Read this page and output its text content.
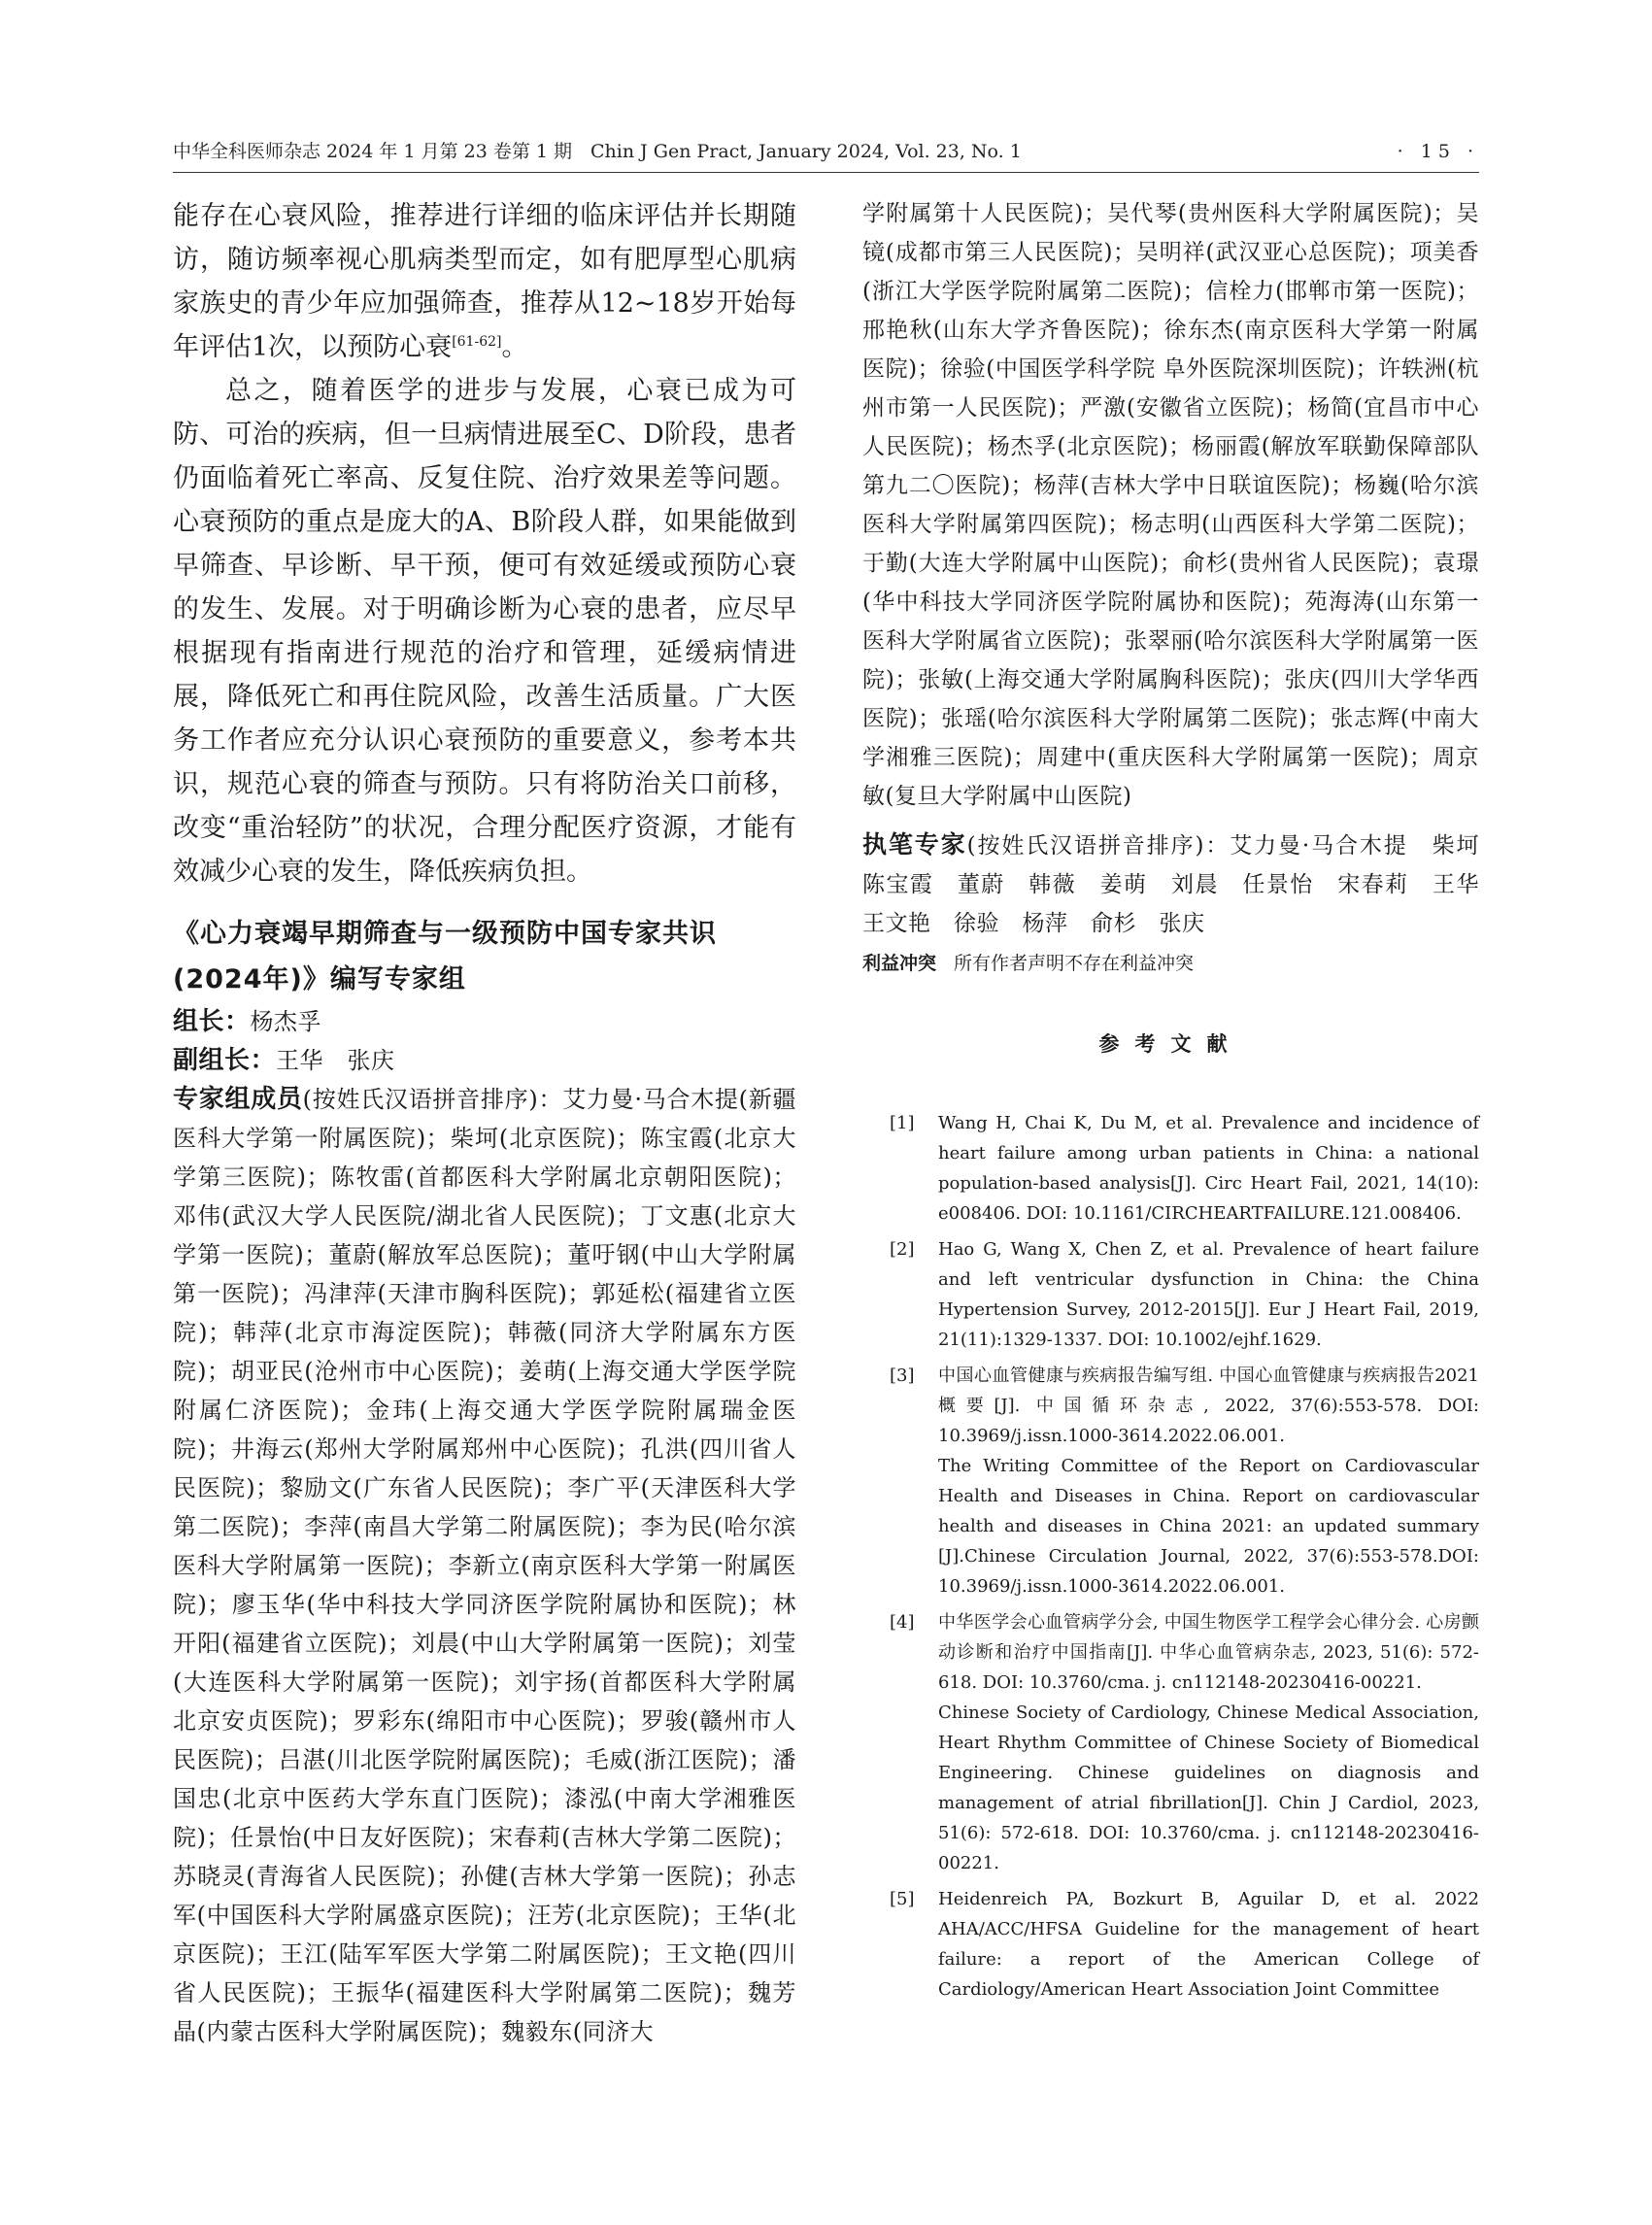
中华全科医师杂志 2024 年 1 月第 23 卷第 1 期　Chin J Gen Pract, January 2024, Vol. 23, No. 1	· 15 ·

能存在心衰风险，推荐进行详细的临床评估并长期随访，随访频率视心肌病类型而定，如有肥厚型心肌病家族史的青少年应加强筛查，推荐从12~18岁开始每年评估1次，以预防心衰[61-62]。

总之，随着医学的进步与发展，心衰已成为可防、可治的疾病，但一旦病情进展至C、D阶段，患者仍面临着死亡率高、反复住院、治疗效果差等问题。心衰预防的重点是庞大的A、B阶段人群，如果能做到早筛查、早诊断、早干预，便可有效延缓或预防心衰的发生、发展。对于明确诊断为心衰的患者，应尽早根据现有指南进行规范的治疗和管理，延缓病情进展，降低死亡和再住院风险，改善生活质量。广大医务工作者应充分认识心衰预防的重要意义，参考本共识，规范心衰的筛查与预防。只有将防治关口前移，改变“重治轻防”的状况，合理分配医疗资源，才能有效减少心衰的发生，降低疾病负担。

《心力衰竭早期筛查与一级预防中国专家共识(2024年)》编写专家组

组长：杨杰孚

副组长：王华　张庆

专家组成员(按姓氏汉语拼音排序)：艾力曼·马合木提(新疆医科大学第一附属医院)；柴坷(北京医院)；陈宝霞(北京大学第三医院)；陈牧雷(首都医科大学附属北京朝阳医院)；邓伟(武汉大学人民医院/湖北省人民医院)；丁文惠(北京大学第一医院)；董蔚(解放军总医院)；董吁钢(中山大学附属第一医院)；冯津萍(天津市胸科医院)；郭延松(福建省立医院)；韩萍(北京市海淀医院)；韩薇(同济大学附属东方医院)；胡亚民(沧州市中心医院)；姜萌(上海交通大学医学院附属仁济医院)；金玮(上海交通大学医学院附属瑞金医院)；井海云(郑州大学附属郑州中心医院)；孔洪(四川省人民医院)；黎励文(广东省人民医院)；李广平(天津医科大学第二医院)；李萍(南昌大学第二附属医院)；李为民(哈尔滨医科大学附属第一医院)；李新立(南京医科大学第一附属医院)；廖玉华(华中科技大学同济医学院附属协和医院)；林开阳(福建省立医院)；刘晨(中山大学附属第一医院)；刘莹(大连医科大学附属第一医院)；刘宇扬(首都医科大学附属北京安贞医院)；罗彩东(绵阳市中心医院)；罗骏(赣州市人民医院)；吕湛(川北医学院附属医院)；毛威(浙江医院)；潘国忠(北京中医药大学东直门医院)；漆泓(中南大学湘雅医院)；任景怡(中日友好医院)；宋春莉(吉林大学第二医院)；苏晓灵(青海省人民医院)；孙健(吉林大学第一医院)；孙志军(中国医科大学附属盛京医院)；汪芳(北京医院)；王华(北京医院)；王江(陆军军医大学第二附属医院)；王文艳(四川省人民医院)；王振华(福建医科大学附属第二医院)；魏芳晶(内蒙古医科大学附属医院)；魏毅东(同济大

学附属第十人民医院)；吴代琴(贵州医科大学附属医院)；吴镜(成都市第三人民医院)；吴明祥(武汉亚心总医院)；项美香(浙江大学医学院附属第二医院)；信栓力(邯郸市第一医院)；邢艳秋(山东大学齐鲁医院)；徐东杰(南京医科大学第一附属医院)；徐验(中国医学科学院 阜外医院深圳医院)；许轶洲(杭州市第一人民医院)；严激(安徽省立医院)；杨简(宜昌市中心人民医院)；杨杰孚(北京医院)；杨丽霞(解放军联勤保障部队第九二〇医院)；杨萍(吉林大学中日联谊医院)；杨巍(哈尔滨医科大学附属第四医院)；杨志明(山西医科大学第二医院)；于勤(大连大学附属中山医院)；俞杉(贵州省人民医院)；袁璟(华中科技大学同济医学院附属协和医院)；苑海涛(山东第一医科大学附属省立医院)；张翠丽(哈尔滨医科大学附属第一医院)；张敏(上海交通大学附属胸科医院)；张庆(四川大学华西医院)；张瑶(哈尔滨医科大学附属第二医院)；张志辉(中南大学湘雅三医院)；周建中(重庆医科大学附属第一医院)；周京敏(复旦大学附属中山医院)

执笔专家(按姓氏汉语拼音排序)：艾力曼·马合木提　柴坷　陈宝霞　董蔚　韩薇　姜萌　刘晨　任景怡　宋春莉　王华　王文艳　徐验　杨萍　俞杉　张庆

利益冲突 所有作者声明不存在利益冲突

参考文献
[1] Wang H, Chai K, Du M, et al. Prevalence and incidence of heart failure among urban patients in China: a national population-based analysis[J]. Circ Heart Fail, 2021, 14(10): e008406. DOI: 10.1161/CIRCHEARTFAILURE.121.008406.

[2] Hao G, Wang X, Chen Z, et al. Prevalence of heart failure and left ventricular dysfunction in China: the China Hypertension Survey, 2012-2015[J]. Eur J Heart Fail, 2019, 21(11):1329-1337. DOI: 10.1002/ejhf.1629.

[3] 中国心血管健康与疾病报告编写组. 中国心血管健康与疾病报告2021概要[J]. 中国循环杂志, 2022, 37(6):553-578. DOI: 10.3969/j.issn.1000-3614.2022.06.001.

The Writing Committee of the Report on Cardiovascular Health and Diseases in China. Report on cardiovascular health and diseases in China 2021: an updated summary [J].Chinese Circulation Journal, 2022, 37(6):553-578.DOI: 10.3969/j.issn.1000-3614.2022.06.001.

[4] 中华医学会心血管病学分会, 中国生物医学工程学会心律分会. 心房颤动诊断和治疗中国指南[J]. 中华心血管病杂志, 2023, 51(6): 572-618. DOI: 10.3760/cma. j. cn112148-20230416-00221.

Chinese Society of Cardiology, Chinese Medical Association, Heart Rhythm Committee of Chinese Society of Biomedical Engineering. Chinese guidelines on diagnosis and management of atrial fibrillation[J]. Chin J Cardiol, 2023, 51(6): 572-618. DOI: 10.3760/cma. j. cn112148-20230416-00221.

[5] Heidenreich PA, Bozkurt B, Aguilar D, et al. 2022 AHA/ACC/HFSA Guideline for the management of heart failure: a report of the American College of Cardiology/American Heart Association Joint Committee
